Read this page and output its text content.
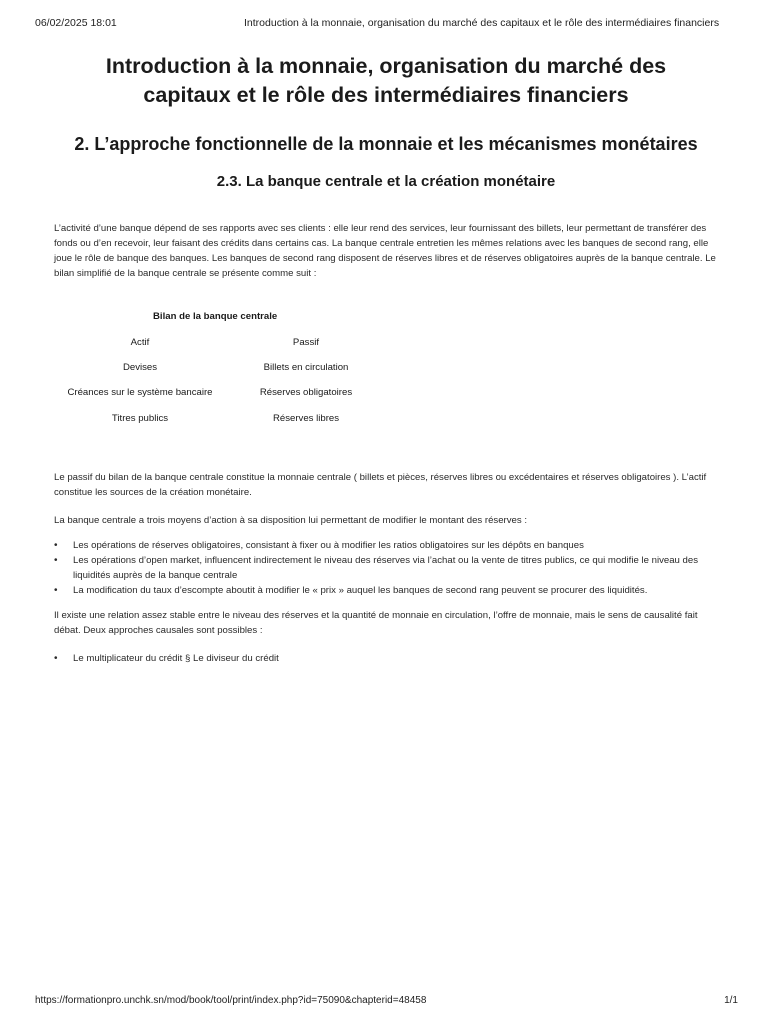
06/02/2025 18:01	Introduction à la monnaie, organisation du marché des capitaux et le rôle des intermédiaires financiers
Introduction à la monnaie, organisation du marché des capitaux et le rôle des intermédiaires financiers
2. L’approche fonctionnelle de la monnaie et les mécanismes monétaires
2.3. La banque centrale et la création monétaire

L’activité d’une banque dépend de ses rapports avec ses clients : elle leur rend des services, leur fournissant des billets, leur permettant de transférer des fonds ou d’en recevoir, leur faisant des crédits dans certains cas. La banque centrale entretien les mêmes relations avec les banques de second rang, elle joue le rôle de banque des banques. Les banques de second rang disposent de réserves libres et de réserves obligatoires auprès de la banque centrale. Le bilan simplifié de la banque centrale se présente comme suit :

Bilan de la banque centrale
Actif	Passif
Devises	Billets en circulation
Créances sur le système bancaire	Réserves obligatoires
Titres publics	Réserves libres

Le passif du bilan de la banque centrale constitue la monnaie centrale ( billets et pièces, réserves libres ou excédentaires et réserves obligatoires ). L’actif constitue les sources de la création monétaire.

La banque centrale a trois moyens d’action à sa disposition lui permettant de modifier le montant des réserves :

• Les opérations de réserves obligatoires, consistant à fixer ou à modifier les ratios obligatoires sur les dépôts en banques
• Les opérations d’open market, influencent indirectement le niveau des réserves via l’achat ou la vente de titres publics, ce qui modifie le niveau des liquidités auprès de la banque centrale
• La modification du taux d’escompte aboutit à modifier le « prix » auquel les banques de second rang peuvent se procurer des liquidités.

Il existe une relation assez stable entre le niveau des réserves et la quantité de monnaie en circulation, l’offre de monnaie, mais le sens de causalité fait débat. Deux approches causales sont possibles :

• Le multiplicateur du crédit § Le diviseur du crédit
https://formationpro.unchk.sn/mod/book/tool/print/index.php?id=75090&chapterid=48458	1/1
